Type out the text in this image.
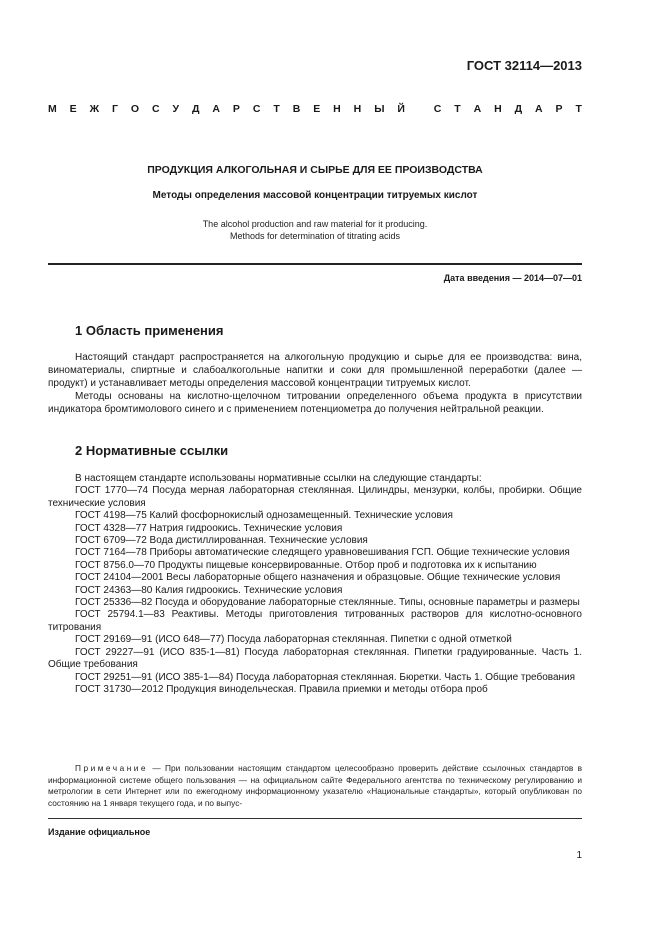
ГОСТ 32114—2013
М Е Ж Г О С У Д А Р С Т В Е Н Н Ы Й
	С Т А Н Д А Р Т
ПРОДУКЦИЯ АЛКОГОЛЬНАЯ И СЫРЬЕ ДЛЯ ЕЕ ПРОИЗВОДСТВА
Методы определения массовой концентрации титруемых кислот
The alcohol production and raw material for it producing.
Methods for determination of titrating acids
Дата введения — 2014—07—01
1 Область применения
Настоящий стандарт распространяется на алкогольную продукцию и сырье для ее производства: вина, виноматериалы, спиртные и слабоалкогольные напитки и соки для промышленной переработки (далее — продукт) и устанавливает методы определения массовой концентрации титруемых кислот.
Методы основаны на кислотно-щелочном титровании определенного объема продукта в присутствии индикатора бромтимолового синего и с применением потенциометра до получения нейтральной реакции.
2 Нормативные ссылки
В настоящем стандарте использованы нормативные ссылки на следующие стандарты:
ГОСТ 1770—74 Посуда мерная лабораторная стеклянная. Цилиндры, мензурки, колбы, пробирки. Общие технические условия
ГОСТ 4198—75 Калий фосфорнокислый однозамещенный. Технические условия
ГОСТ 4328—77 Натрия гидроокись. Технические условия
ГОСТ 6709—72 Вода дистиллированная. Технические условия
ГОСТ 7164—78 Приборы автоматические следящего уравновешивания ГСП. Общие технические условия
ГОСТ 8756.0—70 Продукты пищевые консервированные. Отбор проб и подготовка их к испытанию
ГОСТ 24104—2001 Весы лабораторные общего назначения и образцовые. Общие технические условия
ГОСТ 24363—80 Калия гидроокись. Технические условия
ГОСТ 25336—82 Посуда и оборудование лабораторные стеклянные. Типы, основные параметры и размеры
ГОСТ 25794.1—83 Реактивы. Методы приготовления титрованных растворов для кислотно-основного титрования
ГОСТ 29169—91 (ИСО 648—77) Посуда лабораторная стеклянная. Пипетки с одной отметкой
ГОСТ 29227—91 (ИСО 835-1—81) Посуда лабораторная стеклянная. Пипетки градуированные. Часть 1. Общие требования
ГОСТ 29251—91 (ИСО 385-1—84) Посуда лабораторная стеклянная. Бюретки. Часть 1. Общие требования
ГОСТ 31730—2012 Продукция винодельческая. Правила приемки и методы отбора проб
Примечание — При пользовании настоящим стандартом целесообразно проверить действие ссылочных стандартов в информационной системе общего пользования — на официальном сайте Федерального агентства по техническому регулированию и метрологии в сети Интернет или по ежегодному информационному указателю «Национальные стандарты», который опубликован по состоянию на 1 января текущего года, и по выпус-
Издание официальное
1
